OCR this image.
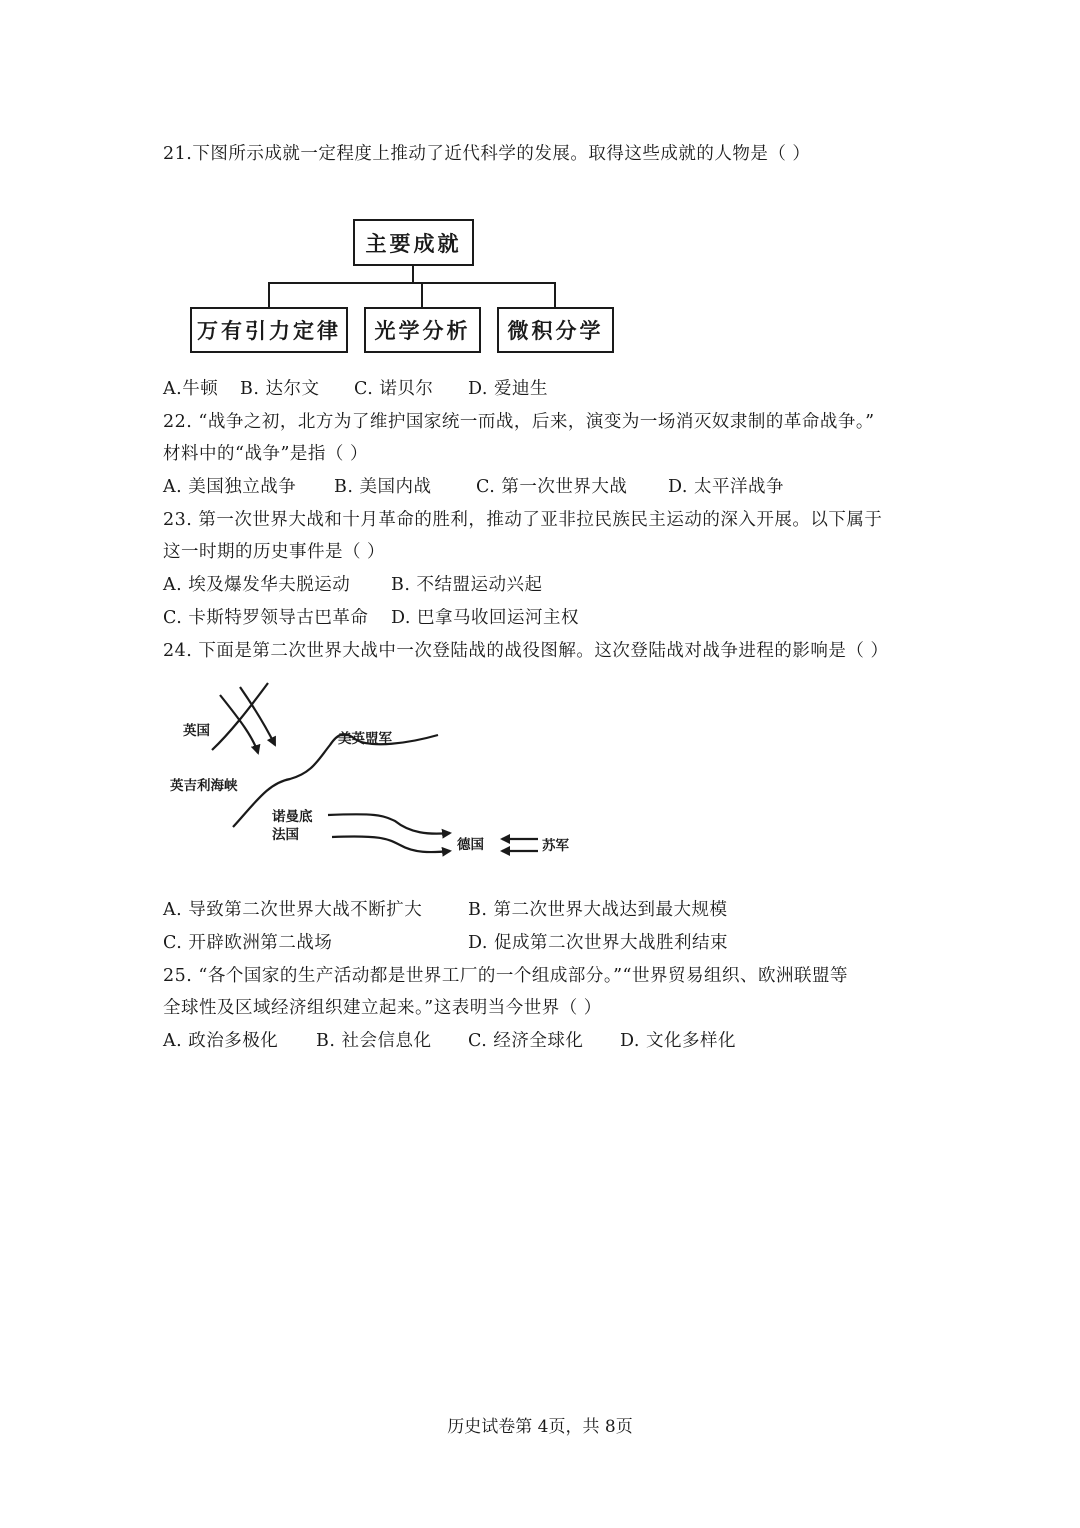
21.下图所示成就一定程度上推动了近代科学的发展。取得这些成就的人物是（ ）
主要成就
万有引力定律	光学分析	微积分学
A.牛顿 B. 达尔文 C. 诺贝尔 D. 爱迪生
22. “战争之初，北方为了维护国家统一而战，后来，演变为一场消灭奴隶制的革命战争。”
材料中的“战争”是指（ ）
A. 美国独立战争 B. 美国内战	C. 第一次世界大战 D. 太平洋战争
23. 第一次世界大战和十月革命的胜利，推动了亚非拉民族民主运动的深入开展。以下属于
这一时期的历史事件是（ ）
A. 埃及爆发华夫脱运动 B. 不结盟运动兴起
C. 卡斯特罗领导古巴革命 D. 巴拿马收回运河主权
24. 下面是第二次世界大战中一次登陆战的战役图解。这次登陆战对战争进程的影响是（ ）
英国
英吉利海峡
美英盟军
诺曼底
法国
德国	苏军
A. 导致第二次世界大战不断扩大	B. 第二次世界大战达到最大规模
C. 开辟欧洲第二战场	D. 促成第二次世界大战胜利结束
25. “各个国家的生产活动都是世界工厂的一个组成部分。”“世界贸易组织、欧洲联盟等
全球性及区域经济组织建立起来。”这表明当今世界（ ）
A. 政治多极化 B. 社会信息化 C. 经济全球化 D. 文化多样化
历史试卷第 4页，共 8页
